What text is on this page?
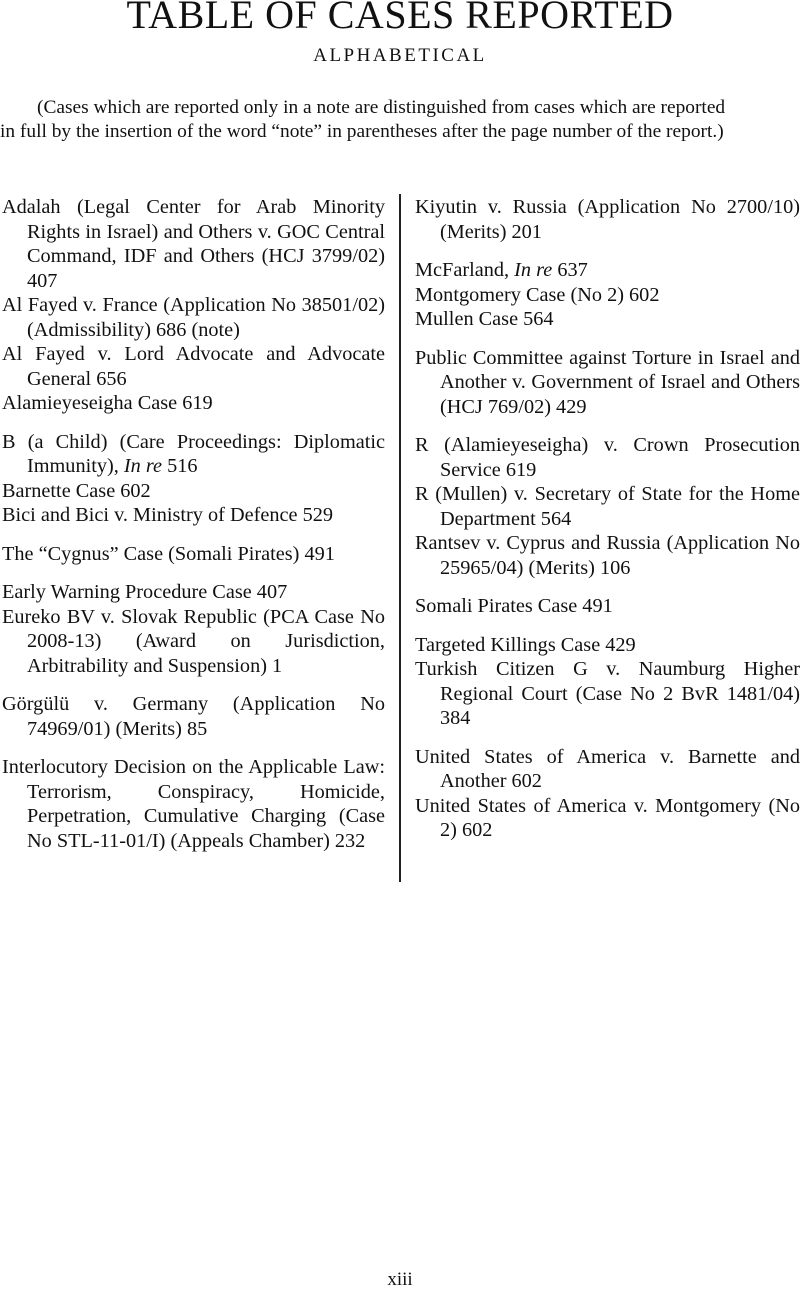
TABLE OF CASES REPORTED
ALPHABETICAL
(Cases which are reported only in a note are distinguished from cases which are reported
in full by the insertion of the word “note” in parentheses after the page number of the report.)

Adalah (Legal Center for Arab Minority Rights in Israel) and Others v. GOC Central Command, IDF and Others (HCJ 3799/02) 407

Al Fayed v. France (Application No 38501/02) (Admissibility) 686 (note)

Al Fayed v. Lord Advocate and Advocate General 656

Alamieyeseigha Case 619

B (a Child) (Care Proceedings: Diplomatic Immunity), In re 516

Barnette Case 602

Bici and Bici v. Ministry of Defence 529

The “Cygnus” Case (Somali Pirates) 491

Early Warning Procedure Case 407

Eureko BV v. Slovak Republic (PCA Case No 2008-13) (Award on Jurisdiction, Arbitrability and Suspension) 1

Görgülü v. Germany (Application No 74969/01) (Merits) 85

Interlocutory Decision on the Applicable Law: Terrorism, Conspiracy, Homicide, Perpetration, Cumulative Charging (Case No STL-11-01/I) (Appeals Chamber) 232

Kiyutin v. Russia (Application No 2700/10) (Merits) 201

McFarland, In re 637

Montgomery Case (No 2) 602

Mullen Case 564

Public Committee against Torture in Israel and Another v. Government of Israel and Others (HCJ 769/02) 429

R (Alamieyeseigha) v. Crown Prosecution Service 619

R (Mullen) v. Secretary of State for the Home Department 564

Rantsev v. Cyprus and Russia (Application No 25965/04) (Merits) 106

Somali Pirates Case 491

Targeted Killings Case 429

Turkish Citizen G v. Naumburg Higher Regional Court (Case No 2 BvR 1481/04) 384

United States of America v. Barnette and Another 602

United States of America v. Montgomery (No 2) 602

xiii
